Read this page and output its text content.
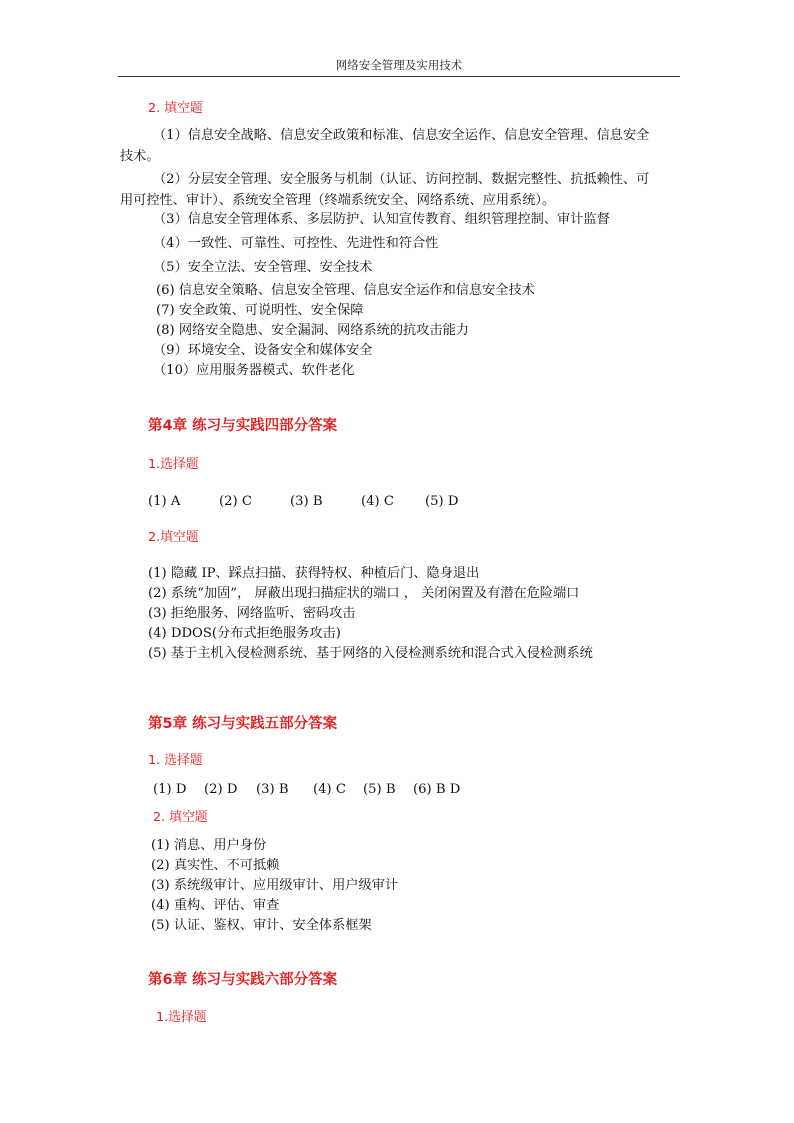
网络安全管理及实用技术
2. 填空题
（1）信息安全战略、信息安全政策和标准、信息安全运作、信息安全管理、信息安全技术。
（2）分层安全管理、安全服务与机制（认证、访问控制、数据完整性、抗抵赖性、可用可控性、审计）、系统安全管理（终端系统安全、网络系统、应用系统）。
（3）信息安全管理体系、多层防护、认知宣传教育、组织管理控制、审计监督
（4）一致性、可靠性、可控性、先进性和符合性
（5）安全立法、安全管理、安全技术
(6) 信息安全策略、信息安全管理、信息安全运作和信息安全技术
(7) 安全政策、可说明性、安全保障
(8) 网络安全隐患、安全漏洞、网络系统的抗攻击能力
（9）环境安全、设备安全和媒体安全
（10）应用服务器模式、软件老化
第4章 练习与实践四部分答案
1.选择题
(1) A	(2) C	(3) B	(4) C (5) D
2.填空题
(1) 隐藏 IP、踩点扫描、获得特权、种植后门、隐身退出
(2) 系统“加固”， 屏蔽出现扫描症状的端口 ， 关闭闲置及有潜在危险端口
(3) 拒绝服务、网络监听、密码攻击
(4) DDOS(分布式拒绝服务攻击)
(5) 基于主机入侵检测系统、基于网络的入侵检测系统和混合式入侵检测系统
第5章 练习与实践五部分答案
1. 选择题
(1) D (2) D (3) B (4) C (5) B (6) B D
2. 填空题
(1) 消息、用户身份
(2) 真实性、不可抵赖
(3) 系统级审计、应用级审计、用户级审计
(4) 重构、评估、审查
(5) 认证、鉴权、审计、安全体系框架
第6章 练习与实践六部分答案
1.选择题
